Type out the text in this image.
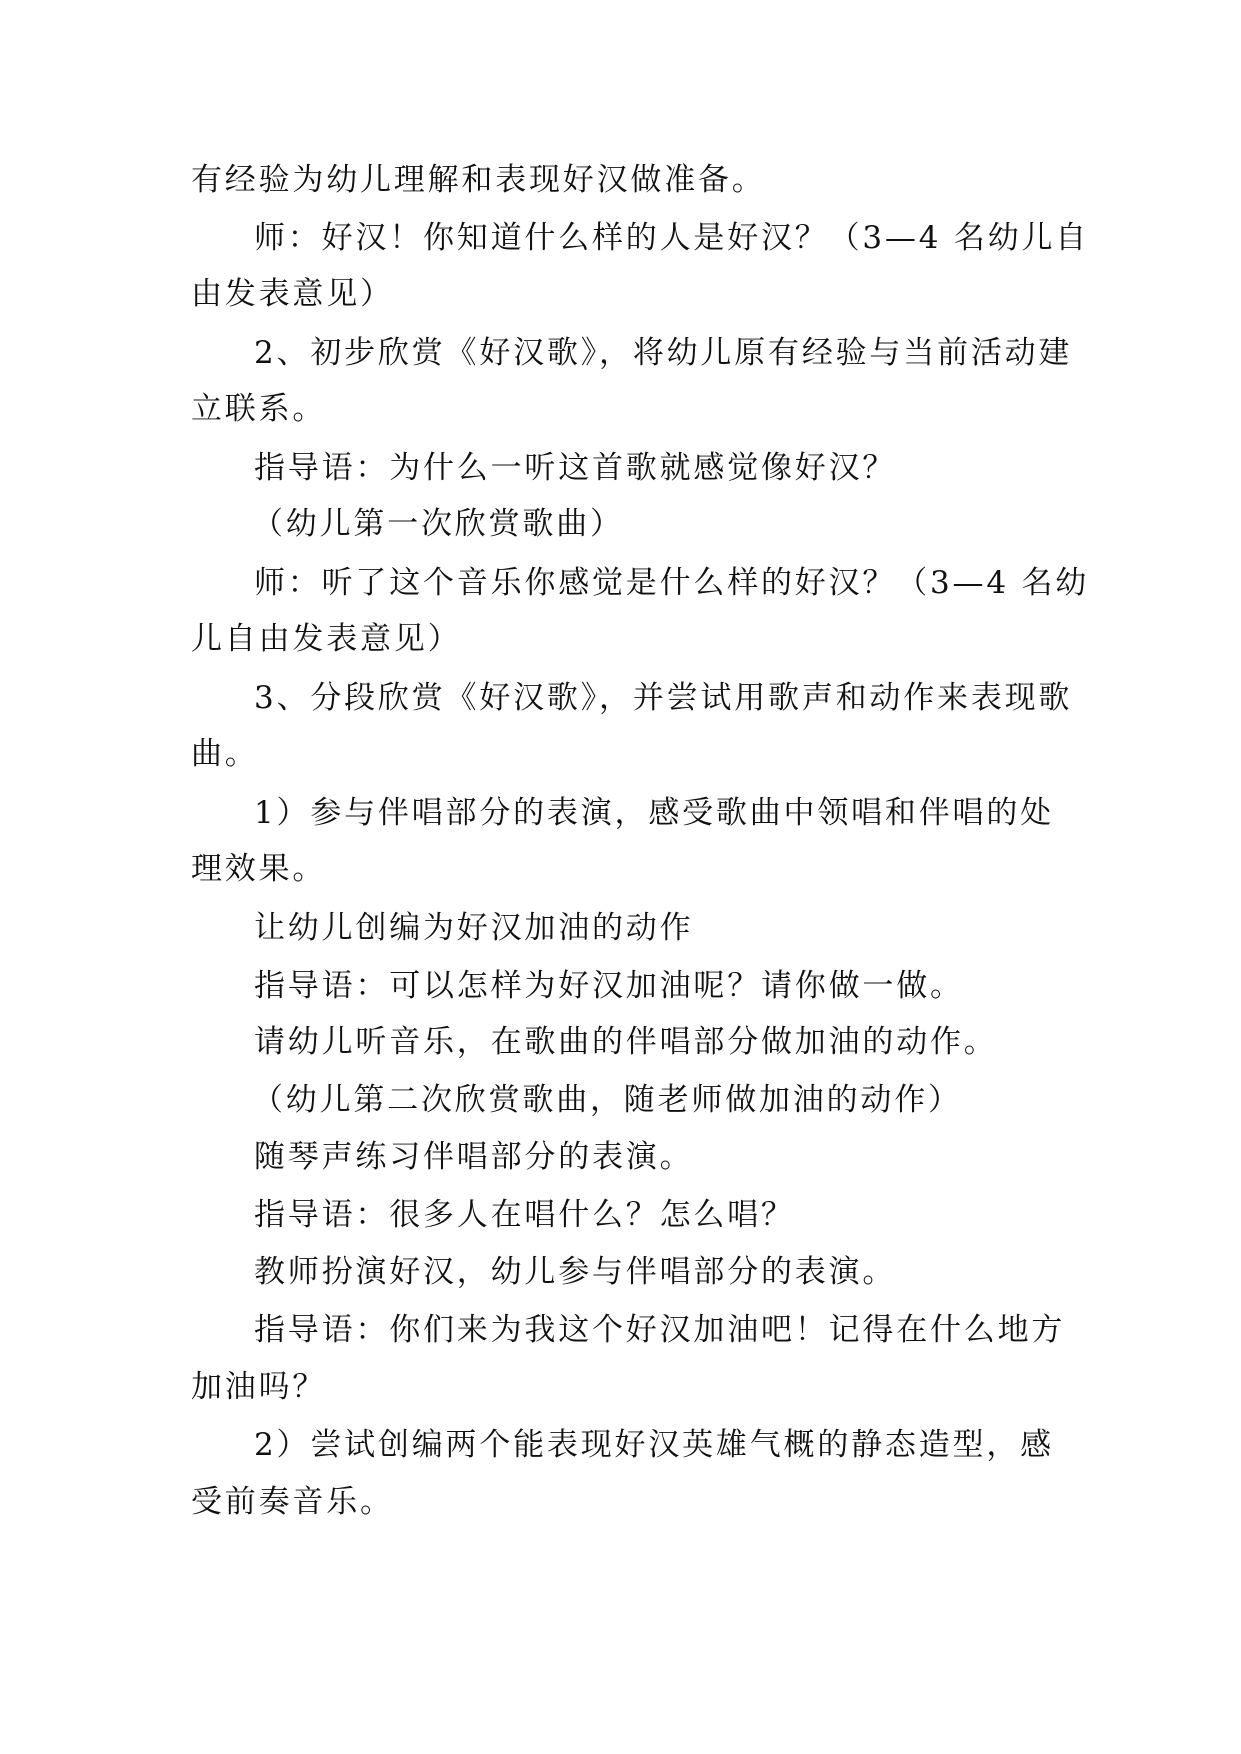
有经验为幼儿理解和表现好汉做准备。

师：好汉！你知道什么样的人是好汉？（3—4 名幼儿自

由发表意见）

2、初步欣赏《好汉歌》，将幼儿原有经验与当前活动建

立联系。

指导语：为什么一听这首歌就感觉像好汉？

（幼儿第一次欣赏歌曲）

师：听了这个音乐你感觉是什么样的好汉？（3—4 名幼

儿自由发表意见）

3、分段欣赏《好汉歌》，并尝试用歌声和动作来表现歌

曲。

1）参与伴唱部分的表演，感受歌曲中领唱和伴唱的处

理效果。

让幼儿创编为好汉加油的动作

指导语：可以怎样为好汉加油呢？请你做一做。

请幼儿听音乐，在歌曲的伴唱部分做加油的动作。

（幼儿第二次欣赏歌曲，随老师做加油的动作）

随琴声练习伴唱部分的表演。

指导语：很多人在唱什么？怎么唱？

教师扮演好汉，幼儿参与伴唱部分的表演。

指导语：你们来为我这个好汉加油吧！记得在什么地方

加油吗？

2）尝试创编两个能表现好汉英雄气概的静态造型，感

受前奏音乐。
